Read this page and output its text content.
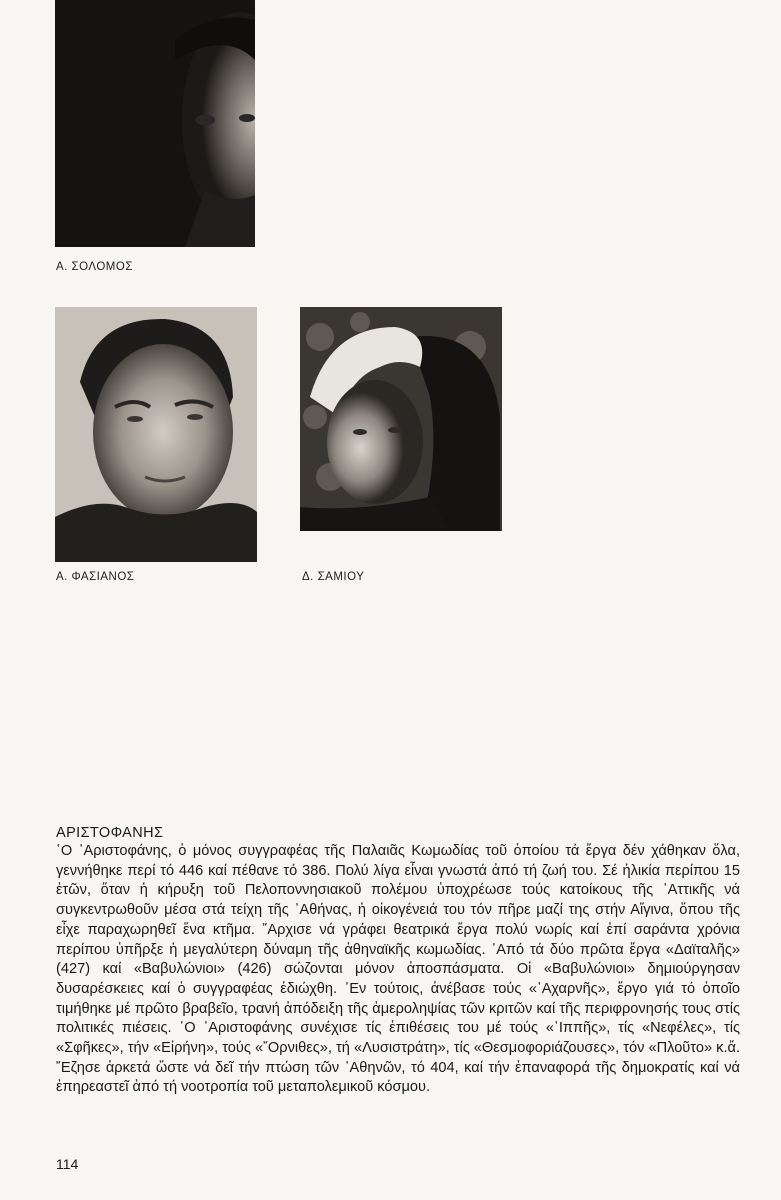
Α. ΣΟΛΟΜΟΣ
Α. ΦΑΣΙΑΝΟΣ	Δ. ΣΑΜΙΟΥ
ΑΡΙΣΤΟΦΑΝΗΣ

῾Ο ᾿Αριστοφάνης, ὁ μόνος συγγραφέας τῆς Παλαιᾶς Κωμωδίας τοῦ ὁποίου τά ἔργα δέν χάθηκαν ὅλα, γεννήθηκε περί τό 446 καί πέθανε τό 386. Πολύ λίγα εἶναι γνωστά ἀπό τή ζωή του. Σέ ἡλικία περίπου 15 ἐτῶν, ὅταν ἡ κήρυξη τοῦ Πελοποννησιακοῦ πολέμου ὑποχρέωσε τούς κατοίκους τῆς ᾿Αττικῆς νά συγκεντρωθοῦν μέσα στά τείχη τῆς ᾿Αθήνας, ἡ οἰκογένειά του τόν πῆρε μαζί της στήν Αἴγινα, ὅπου τῆς εἶχε παραχωρηθεῖ ἕνα κτῆμα. ῎Αρχισε νά γράφει θεατρικά ἔργα πολύ νωρίς καί ἐπί σαράντα χρόνια περίπου ὑπῆρξε ἡ μεγαλύτερη δύναμη τῆς ἀθηναϊκῆς κωμωδίας. ᾿Από τά δύο πρῶτα ἔργα «Δαϊταλῆς» (427) καί «Βαβυλώνιοι» (426) σώζονται μόνον ἀποσπάσματα. Οἱ «Βαβυλώνιοι» δημιούργησαν δυσαρέσκειες καί ὁ συγγραφέας ἐδιώχθη. ᾿Εν τούτοις, ἀνέβασε τούς «᾿Αχαρνῆς», ἔργο γιά τό ὁποῖο τιμήθηκε μέ πρῶτο βραβεῖο, τρανή ἀπόδειξη τῆς ἀμεροληψίας τῶν κριτῶν καί τῆς περιφρονησής τους στίς πολιτικές πιέσεις. ῾Ο ᾿Αριστοφάνης συνέχισε τίς ἐπιθέσεις του μέ τούς «῾Ιππῆς», τίς «Νεφέλες», τίς «Σφῆκες», τήν «Εἰρήνη», τούς «῎Ορνιθες», τή «Λυσιστράτη», τίς «Θεσμοφοριάζουσες», τόν «Πλοῦτο» κ.ἄ. ῎Εζησε ἀρκετά ὥστε νά δεῖ τήν πτώση τῶν ᾿Αθηνῶν, τό 404, καί τήν ἐπαναφορά τῆς δημοκρατίς καί νά ἐπηρεαστεῖ ἀπό τή νοοτροπία τοῦ μεταπολεμικοῦ κόσμου.

114
